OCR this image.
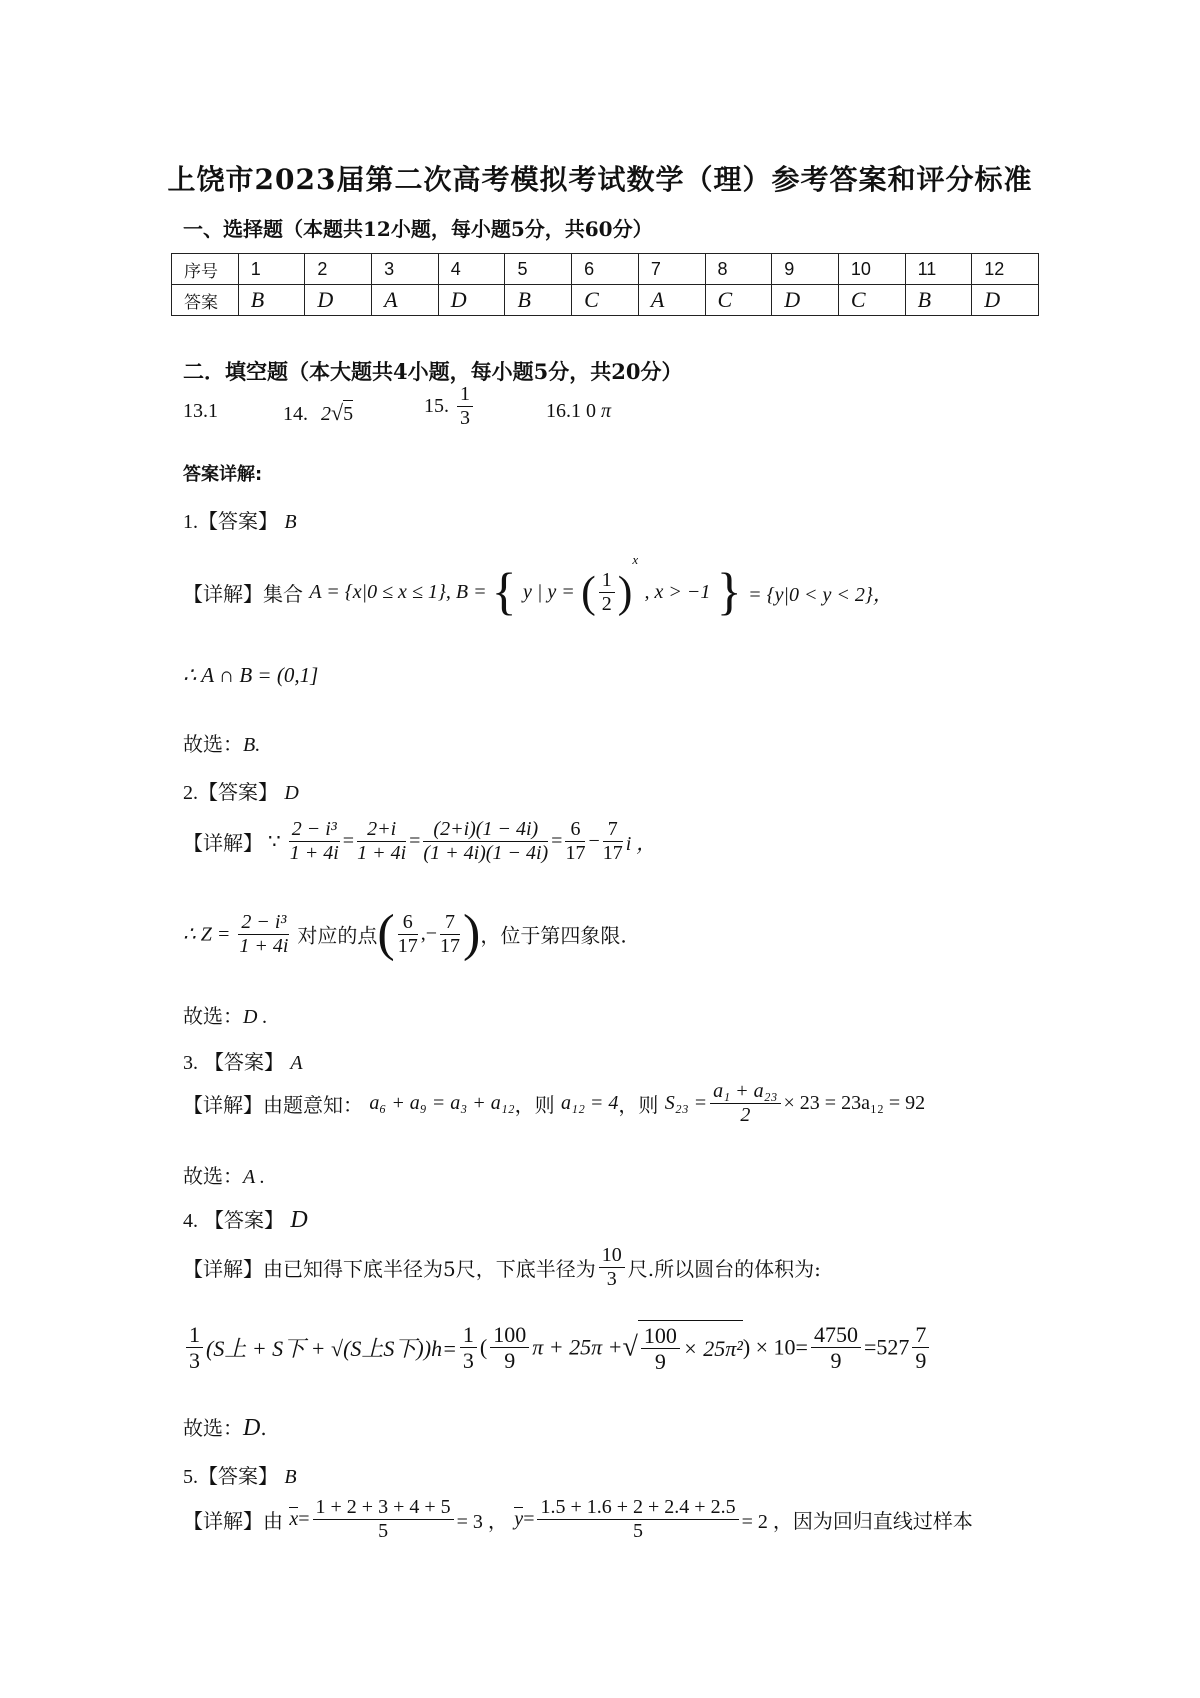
上饶市2023届第二次高考模拟考试数学（理）参考答案和评分标准
一、选择题（本题共12小题，每小题5分，共60分）
序号	1	2	3	4	5	6	7	8	9	10	11	12
答案	B	D	A	D	B	C	A	C	D	C	B	D
二．填空题（本大题共4小题，每小题5分，共20分）
13.1	14. 2√5	15. $\frac{1}{3}$	16.1 0 π
答案详解:
1.【答案】 B
【详解】集合 A = {x|0 ≤ x ≤ 1}, B = { y | y = ( $\frac{1}{2} )^x$ , x > −1 } = {y|0 < y < 2}，
∴ A ∩ B = (0,1]
故选：B.
2.【答案】 D
【详解】 ∵ $\frac{\text{2 − i³}}{1 + 4i} = \frac{2+i}{1 + 4i} = \frac{(2+i)(1 - 4i)}{(1 + 4i)(1 - 4i)} = \frac{6}{17} - \frac{7}{17}$ i ，
∴ $Z = \frac{\text{2 − i³}}{1 + 4i}$ 对应的点( $\frac{6}{17}$ ,− $\frac{7}{17}$ )，位于第四象限.
故选：D .
3. 【答案】 A
【详解】由题意知： a₆ + a₉ = a₃ + a₁₂，则 a₁₂ = 4，则 $S_{23} = \frac{\text{a₁ + a₂₃}}{2} \times 23 = 23a_{12} = 92$
故选：A .
4. 【答案】 D
【详解】由已知得下底半径为5尺，下底半径为 $\frac{10}{3}$ 尺.所以圆台的体积为:
$\frac{1}{3} (S$上 + S下 + √(S上S下))$h= \frac{1}{3}$ ( $\frac{100}{9}$ π + 25π +√ $\frac{100}{9} \times 25\pi^2) \times 10= \frac{4750}{9} =527 \frac{7}{9}$
故选：D.
5.【答案】 B
【详解】由 $x= \frac{1 + 2 + 3 + 4 + 5}{5} = 3$ ， $y= \frac{1.5 + 1.6 + 2 + 2.4 + 2.5}{5} = 2$ ，因为回归直线过样本
